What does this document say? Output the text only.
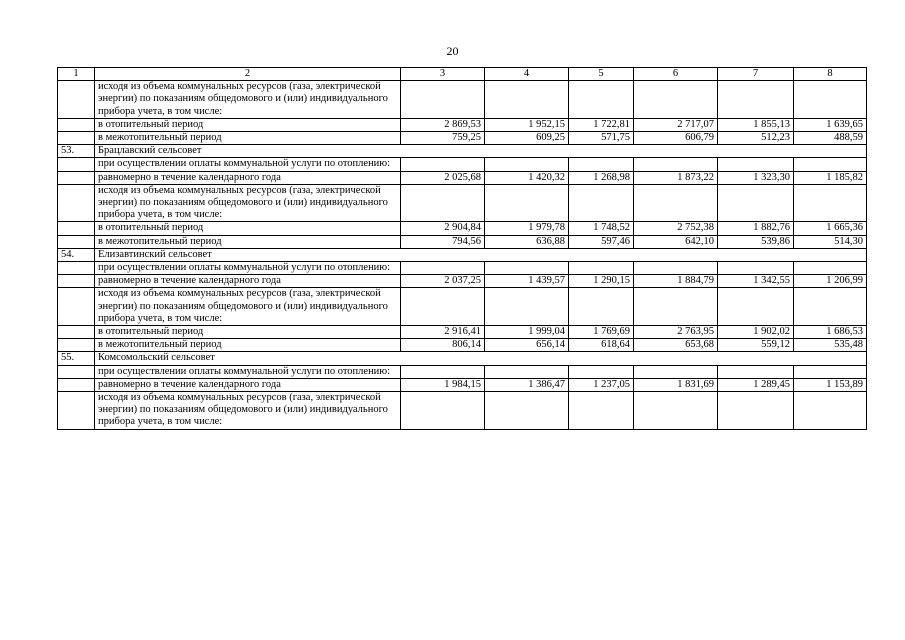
20
1	2	3	4	5	6	7	8
	исходя из объема коммунальных ресурсов (газа, электрической энергии) по показаниям общедомового и (или) индивидуального прибора учета, в том числе:						
	в отопительный период	2 869,53	1 952,15	1 722,81	2 717,07	1 855,13	1 639,65
	в межотопительный период	759,25	609,25	571,75	606,79	512,23	488,59
53.	Брацлавский сельсовет						
	при осуществлении оплаты коммунальной услуги по отоплению:						
	равномерно в течение календарного года	2 025,68	1 420,32	1 268,98	1 873,22	1 323,30	1 185,82
	исходя из объема коммунальных ресурсов (газа, электрической энергии) по показаниям общедомового и (или) индивидуального прибора учета, в том числе:						
	в отопительный период	2 904,84	1 979,78	1 748,52	2 752,38	1 882,76	1 665,36
	в межотопительный период	794,56	636,88	597,46	642,10	539,86	514,30
54.	Елизавтинский сельсовет						
	при осуществлении оплаты коммунальной услуги по отоплению:						
	равномерно в течение календарного года	2 037,25	1 439,57	1 290,15	1 884,79	1 342,55	1 206,99
	исходя из объема коммунальных ресурсов (газа, электрической энергии) по показаниям общедомового и (или) индивидуального прибора учета, в том числе:						
	в отопительный период	2 916,41	1 999,04	1 769,69	2 763,95	1 902,02	1 686,53
	в межотопительный период	806,14	656,14	618,64	653,68	559,12	535,48
55.	Комсомольский сельсовет						
	при осуществлении оплаты коммунальной услуги по отоплению:						
	равномерно в течение календарного года	1 984,15	1 386,47	1 237,05	1 831,69	1 289,45	1 153,89
	исходя из объема коммунальных ресурсов (газа, электрической энергии) по показаниям общедомового и (или) индивидуального прибора учета, в том числе:						
